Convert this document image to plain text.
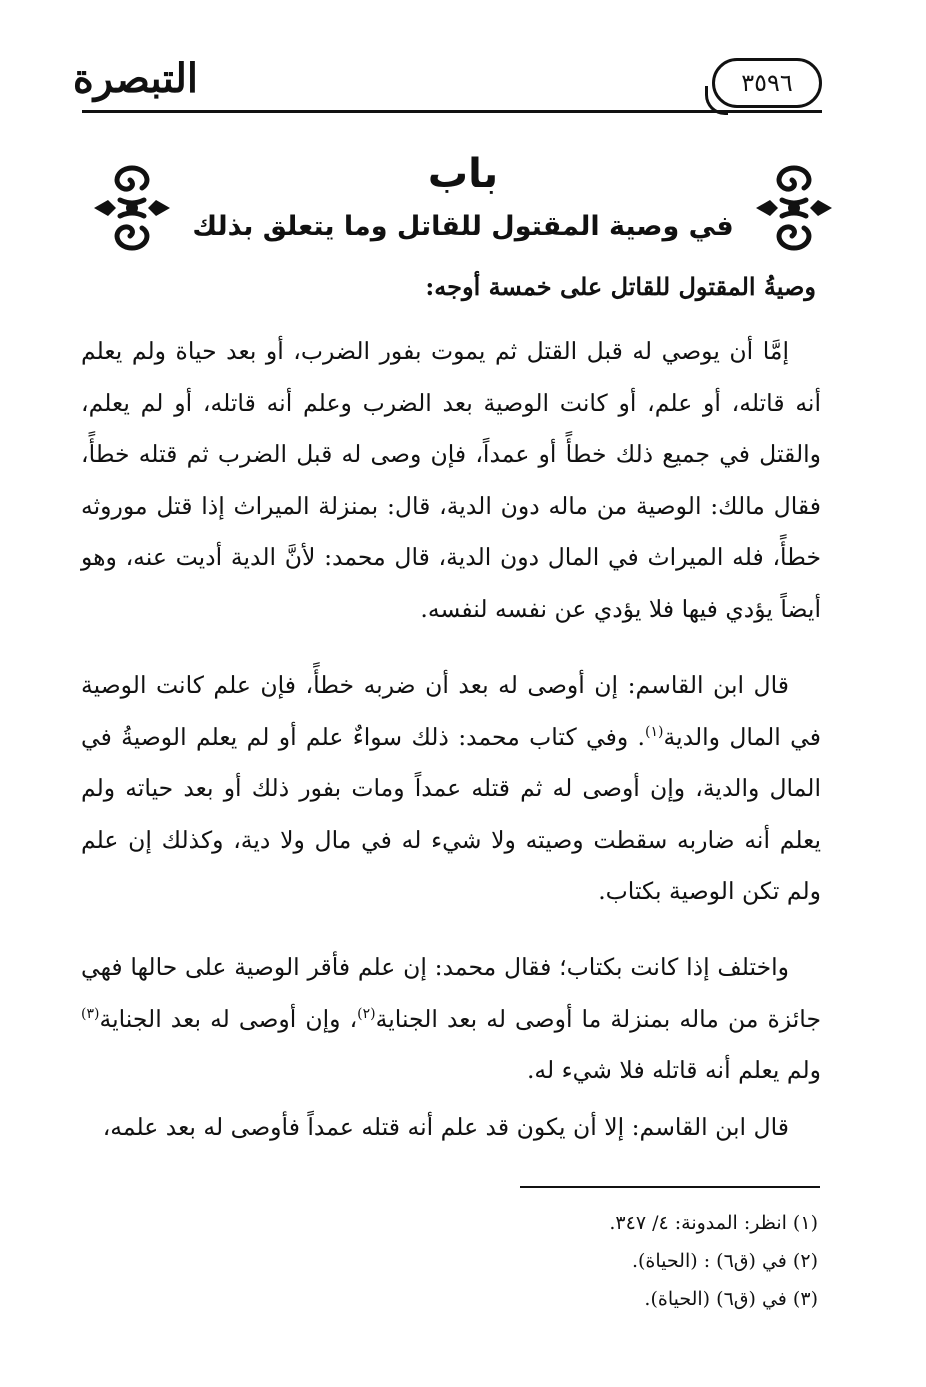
التبصرة	٣٥٩٦
باب
في وصية المقتول للقاتل وما يتعلق بذلك
وصيةُ المقتول للقاتل على خمسة أوجه:
إمَّا أن يوصي له قبل القتل ثم يموت بفور الضرب، أو بعد حياة ولم يعلم أنه قاتله، أو علم، أو كانت الوصية بعد الضرب وعلم أنه قاتله، أو لم يعلم، والقتل في جميع ذلك خطأً أو عمداً، فإن وصى له قبل الضرب ثم قتله خطأً، فقال مالك: الوصية من ماله دون الدية، قال: بمنزلة الميراث إذا قتل موروثه خطأً، فله الميراث في المال دون الدية، قال محمد: لأنَّ الدية أديت عنه، وهو أيضاً يؤدي فيها فلا يؤدي عن نفسه لنفسه.
قال ابن القاسم: إن أوصى له بعد أن ضربه خطأً، فإن علم كانت الوصية في المال والدية$^{(١)}$. وفي كتاب محمد: ذلك سواءٌ علم أو لم يعلم الوصيةُ في المال والدية، وإن أوصى له ثم قتله عمداً ومات بفور ذلك أو بعد حياته ولم يعلم أنه ضاربه سقطت وصيته ولا شيء له في مال ولا دية، وكذلك إن علم ولم تكن الوصية بكتاب.
واختلف إذا كانت بكتاب؛ فقال محمد: إن علم فأقر الوصية على حالها فهي جائزة من ماله بمنزلة ما أوصى له بعد الجناية$^{(٢)}$، وإن أوصى له بعد الجناية$^{(٣)}$ ولم يعلم أنه قاتله فلا شيء له.
قال ابن القاسم: إلا أن يكون قد علم أنه قتله عمداً فأوصى له بعد علمه،
(١) انظر: المدونة: ٤/ ٣٤٧.
(٢) في (ق٦) : (الحياة).
(٣) في (ق٦) (الحياة).
